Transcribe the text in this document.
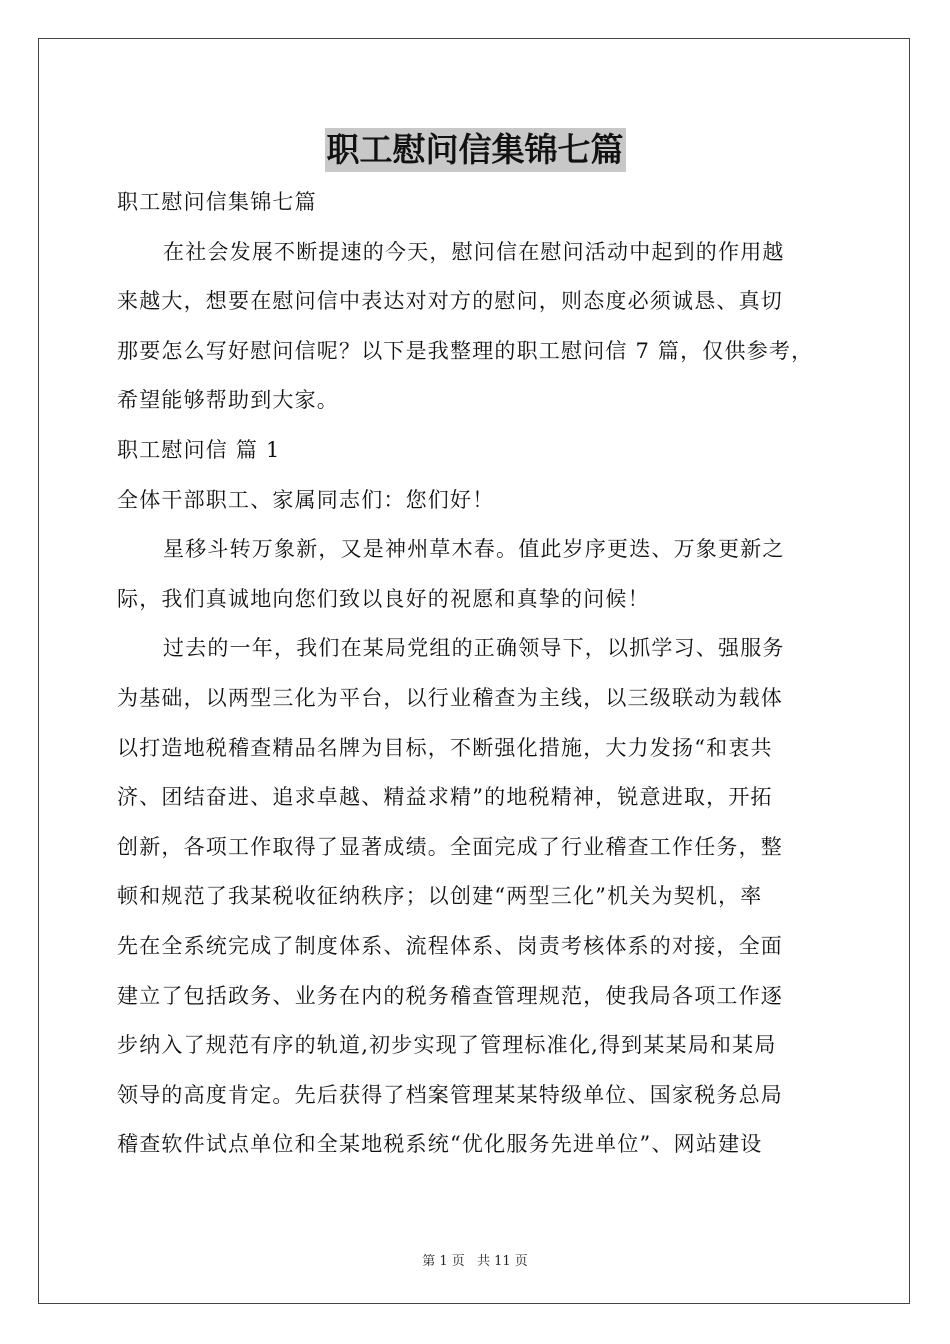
职工慰问信集锦七篇
职工慰问信集锦七篇
在社会发展不断提速的今天，慰问信在慰问活动中起到的作用越
来越大，想要在慰问信中表达对对方的慰问，则态度必须诚恳、真切
那要怎么写好慰问信呢？以下是我整理的职工慰问信 7 篇，仅供参考，
希望能够帮助到大家。
职工慰问信 篇 1
全体干部职工、家属同志们：您们好！
星移斗转万象新，又是神州草木春。值此岁序更迭、万象更新之
际，我们真诚地向您们致以良好的祝愿和真挚的问候！
过去的一年，我们在某局党组的正确领导下，以抓学习、强服务
为基础，以两型三化为平台，以行业稽查为主线，以三级联动为载体
以打造地税稽查精品名牌为目标，不断强化措施，大力发扬“和衷共
济、团结奋进、追求卓越、精益求精”的地税精神，锐意进取，开拓
创新，各项工作取得了显著成绩。全面完成了行业稽查工作任务，整
顿和规范了我某税收征纳秩序；以创建“两型三化”机关为契机，率
先在全系统完成了制度体系、流程体系、岗责考核体系的对接，全面
建立了包括政务、业务在内的税务稽查管理规范，使我局各项工作逐
步纳入了规范有序的轨道,初步实现了管理标准化,得到某某局和某局
领导的高度肯定。先后获得了档案管理某某特级单位、国家税务总局
稽查软件试点单位和全某地税系统“优化服务先进单位”、网站建设
第 1 页 共 11 页
